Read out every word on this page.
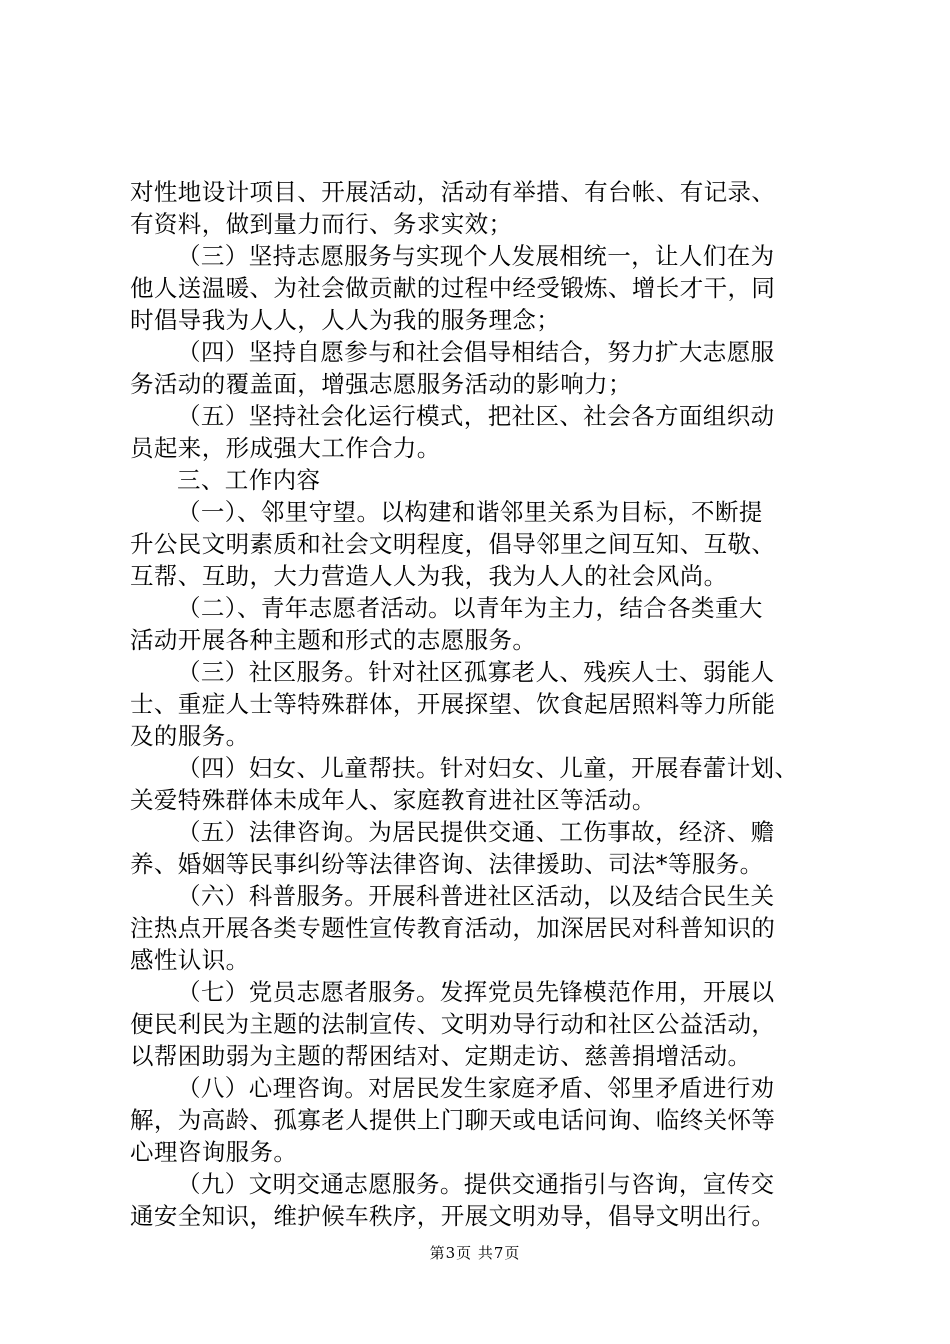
对性地设计项目、开展活动，活动有举措、有台帐、有记录、
有资料，做到量力而行、务求实效；
（三）坚持志愿服务与实现个人发展相统一，让人们在为
他人送温暖、为社会做贡献的过程中经受锻炼、增长才干，同
时倡导我为人人，人人为我的服务理念；
（四）坚持自愿参与和社会倡导相结合，努力扩大志愿服
务活动的覆盖面，增强志愿服务活动的影响力；
（五）坚持社会化运行模式，把社区、社会各方面组织动
员起来，形成强大工作合力。
三、工作内容
（一）、邻里守望。以构建和谐邻里关系为目标，不断提
升公民文明素质和社会文明程度，倡导邻里之间互知、互敬、
互帮、互助，大力营造人人为我，我为人人的社会风尚。
（二）、青年志愿者活动。以青年为主力，结合各类重大
活动开展各种主题和形式的志愿服务。
（三）社区服务。针对社区孤寡老人、残疾人士、弱能人
士、重症人士等特殊群体，开展探望、饮食起居照料等力所能
及的服务。
（四）妇女、儿童帮扶。针对妇女、儿童，开展春蕾计划、
关爱特殊群体未成年人、家庭教育进社区等活动。
（五）法律咨询。为居民提供交通、工伤事故，经济、赡
养、婚姻等民事纠纷等法律咨询、法律援助、司法*等服务。
（六）科普服务。开展科普进社区活动，以及结合民生关
注热点开展各类专题性宣传教育活动，加深居民对科普知识的
感性认识。
（七）党员志愿者服务。发挥党员先锋模范作用，开展以
便民利民为主题的法制宣传、文明劝导行动和社区公益活动，
以帮困助弱为主题的帮困结对、定期走访、慈善捐增活动。
（八）心理咨询。对居民发生家庭矛盾、邻里矛盾进行劝
解，为高龄、孤寡老人提供上门聊天或电话问询、临终关怀等
心理咨询服务。
（九）文明交通志愿服务。提供交通指引与咨询，宣传交
通安全知识，维护候车秩序，开展文明劝导，倡导文明出行。
第3页 共7页
